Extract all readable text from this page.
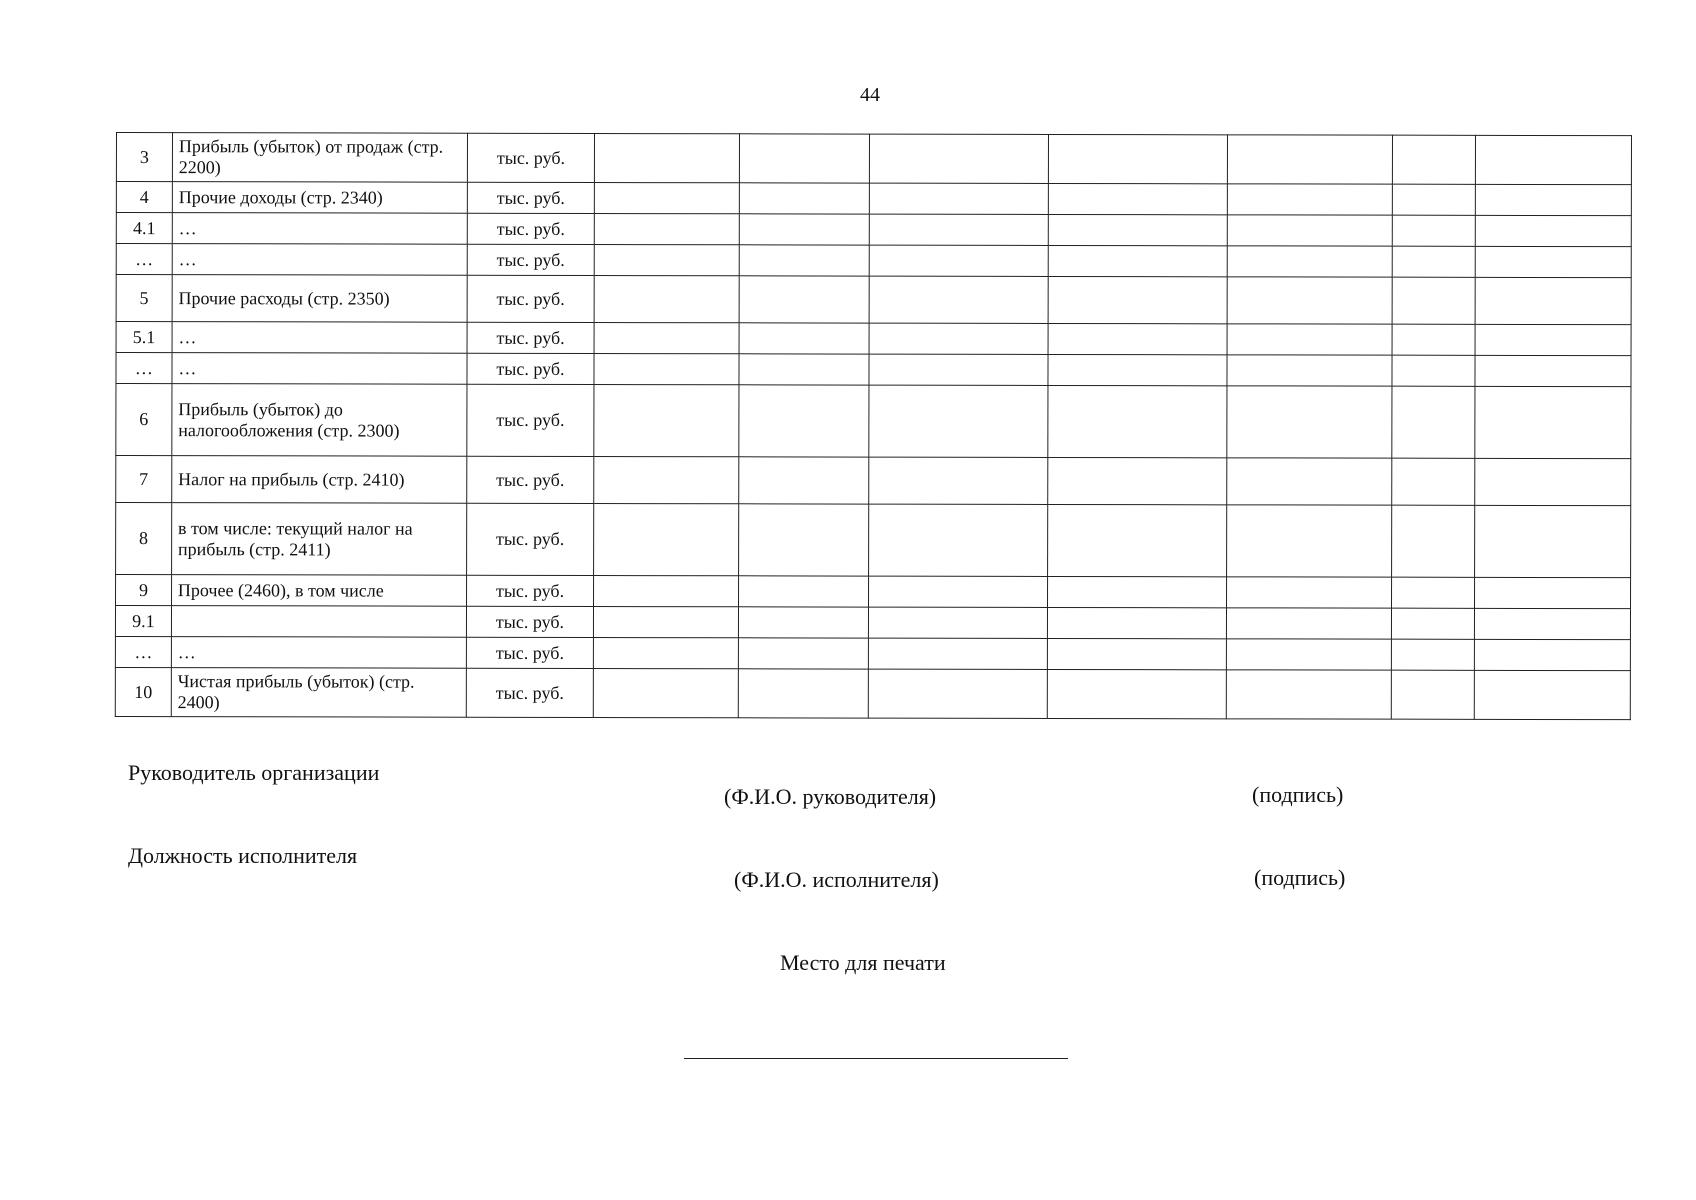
44
3	Прибыль (убыток) от продаж (стр. 2200)	тыс. руб.							
4	Прочие доходы (стр. 2340)	тыс. руб.							
4.1	…	тыс. руб.							
…	…	тыс. руб.							
5	Прочие расходы (стр. 2350)	тыс. руб.							
5.1	…	тыс. руб.							
…	…	тыс. руб.							
6	Прибыль (убыток) до налогообложения (стр. 2300)	тыс. руб.							
7	Налог на прибыль (стр. 2410)	тыс. руб.							
8	в том числе: текущий налог на прибыль (стр. 2411)	тыс. руб.							
9	Прочее (2460), в том числе	тыс. руб.							
9.1		тыс. руб.							
…	…	тыс. руб.							
10	Чистая прибыль (убыток) (стр. 2400)	тыс. руб.							
Руководитель организации
(Ф.И.О. руководителя)	(подпись)
Должность исполнителя
(Ф.И.О. исполнителя)	(подпись)
Место для печати
